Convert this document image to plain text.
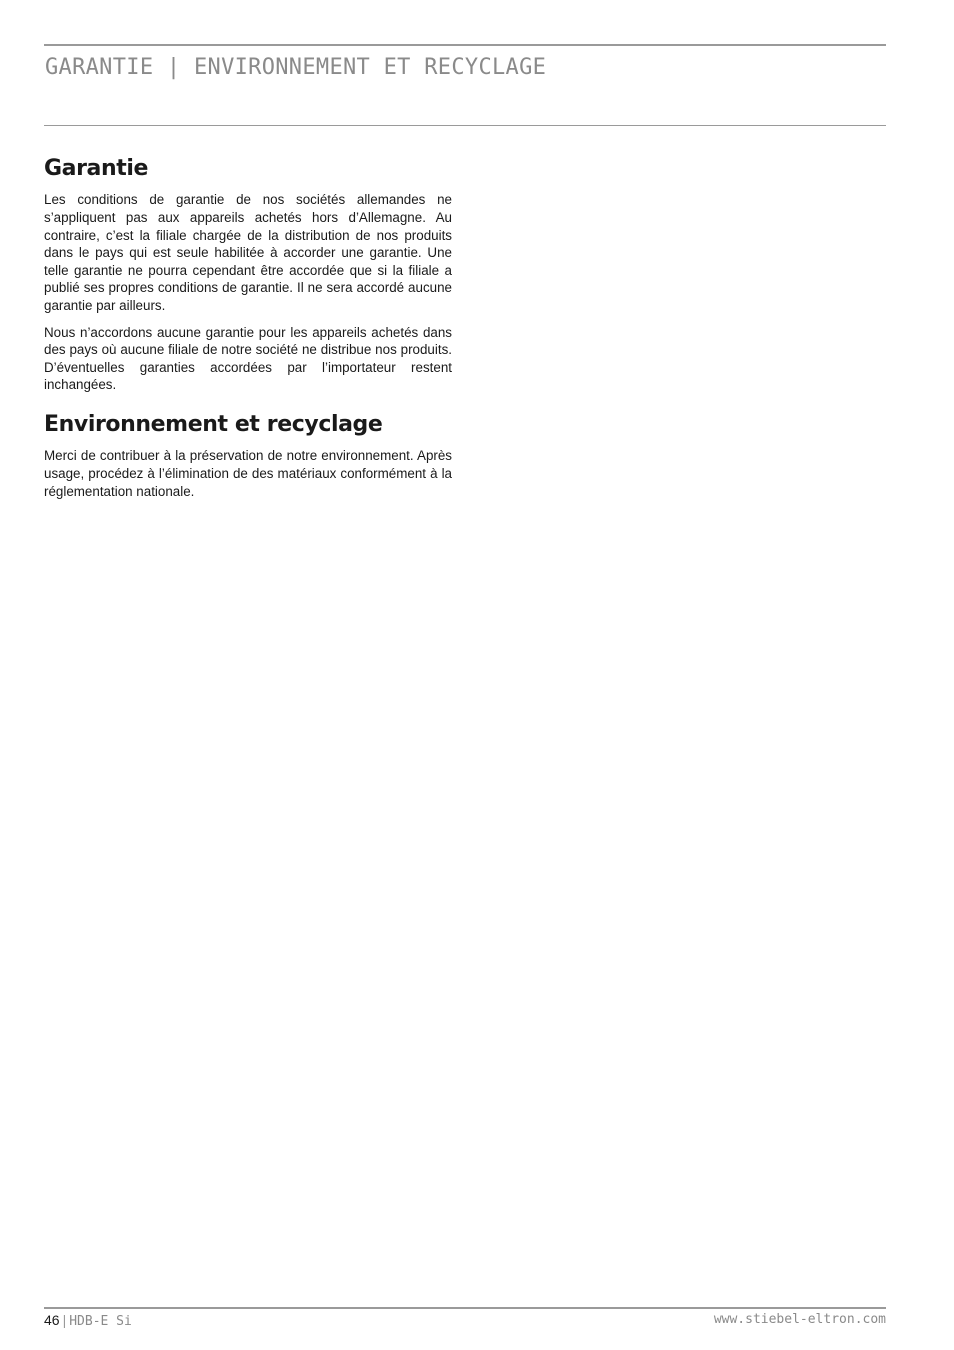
GARANTIE | ENVIRONNEMENT ET RECYCLAGE
Garantie

Les conditions de garantie de nos sociétés allemandes ne s’appliquent pas aux appareils achetés hors d’Allemagne. Au contraire, c’est la filiale chargée de la distribution de nos produits dans le pays qui est seule habilitée à accorder une garantie. Une telle garantie ne pourra cependant être accordée que si la filiale a publié ses propres conditions de garantie. Il ne sera accordé aucune garantie par ailleurs.

Nous n’accordons aucune garantie pour les appareils achetés dans des pays où aucune filiale de notre société ne distribue nos produits. D’éventuelles garanties accordées par l’importateur restent inchangées.

Environnement et recyclage

Merci de contribuer à la préservation de notre environnement. Après usage, procédez à l’élimination de des matériaux conformément à la réglementation nationale.

46 | HDB-E Si	www.stiebel-eltron.com
